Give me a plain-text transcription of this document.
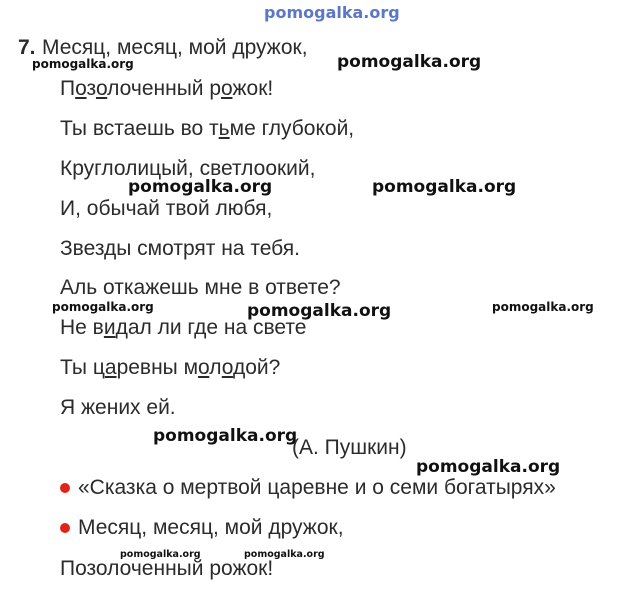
pomogalka.org
7. Месяц, месяц, мой дружок,
pomogalka.org	pomogalka.org
Позолоченный рожок!
Ты встаешь во тьме глубокой,
Круглолицый, светлоокий,
pomogalka.org	pomogalka.org
И, обычай твой любя,
Звезды смотрят на тебя.
Аль откажешь мне в ответе?
pomogalka.org	pomogalka.org	pomogalka.org
Не видал ли где на свете
Ты царевны молодой?
Я жених ей.
pomogalka.org
(А. Пушкин)
pomogalka.org
«Сказка о мертвой царевне и о семи богатырях»
Месяц, месяц, мой дружок,
pomogalka.org	pomogalka.org
Позолоченный рожок!
